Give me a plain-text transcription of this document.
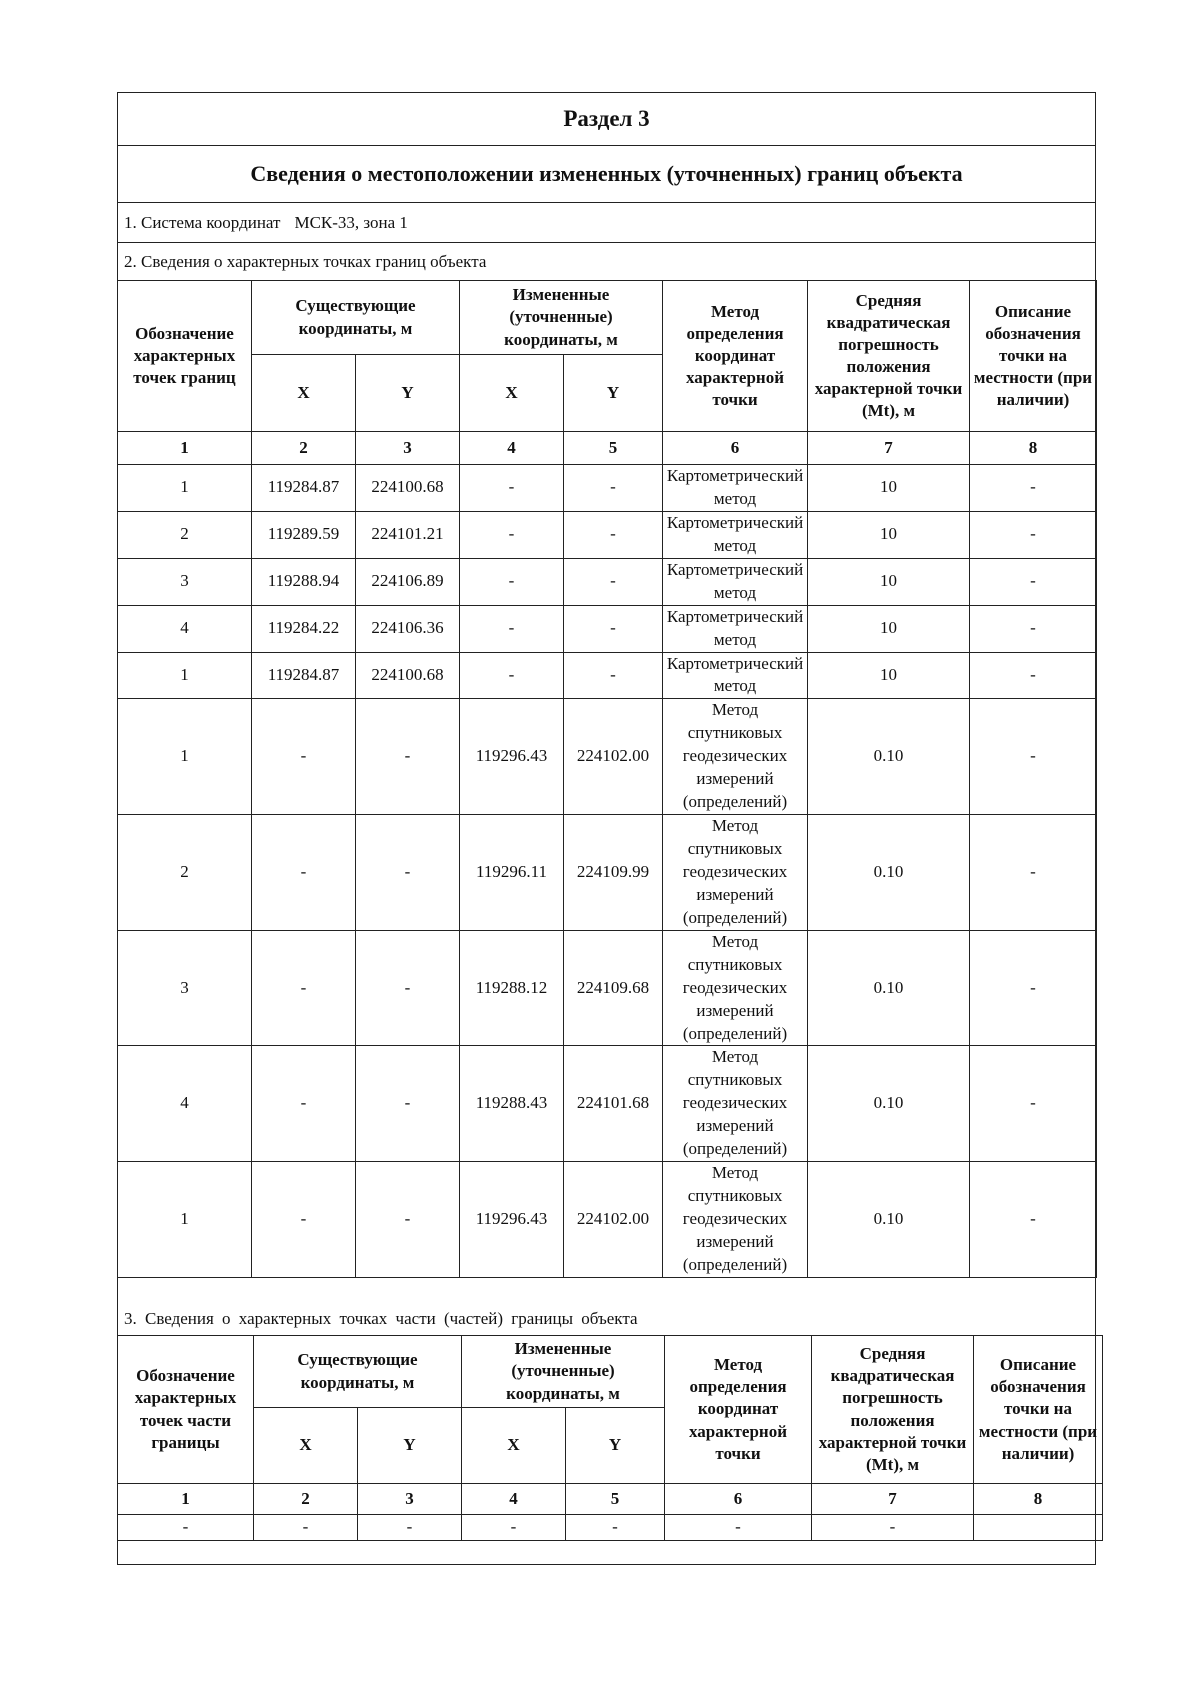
Раздел 3
Сведения о местоположении измененных (уточненных) границ объекта
1. Система координат МСК-33, зона 1
2. Сведения о характерных точках границ объекта
Обозначение характерных точек границ	Существующие координаты, м		Измененные (уточненные) координаты, м		Метод определения координат характерной точки	Средняя квадратическая погрешность положения характерной точки (Mt), м	Описание обозначения точки на местности (при наличии)
	X	Y	X	Y			
1	2	3	4	5	6	7	8
1	119284.87	224100.68	-	-	Картометрический метод	10	-
2	119289.59	224101.21	-	-	Картометрический метод	10	-
3	119288.94	224106.89	-	-	Картометрический метод	10	-
4	119284.22	224106.36	-	-	Картометрический метод	10	-
1	119284.87	224100.68	-	-	Картометрический метод	10	-
1	-	-	119296.43	224102.00	Метод спутниковых геодезических измерений (определений)	0.10	-
2	-	-	119296.11	224109.99	Метод спутниковых геодезических измерений (определений)	0.10	-
3	-	-	119288.12	224109.68	Метод спутниковых геодезических измерений (определений)	0.10	-
4	-	-	119288.43	224101.68	Метод спутниковых геодезических измерений (определений)	0.10	-
1	-	-	119296.43	224102.00	Метод спутниковых геодезических измерений (определений)	0.10	-
3. Сведения о характерных точках части (частей) границы объекта
Обозначение характерных точек части границы	Существующие координаты, м		Измененные (уточненные) координаты, м		Метод определения координат характерной точки	Средняя квадратическая погрешность положения характерной точки (Mt), м	Описание обозначения точки на местности (при наличии)
	X	Y	X	Y			
1	2	3	4	5	6	7	8
-	-	-	-	-	-	-	
